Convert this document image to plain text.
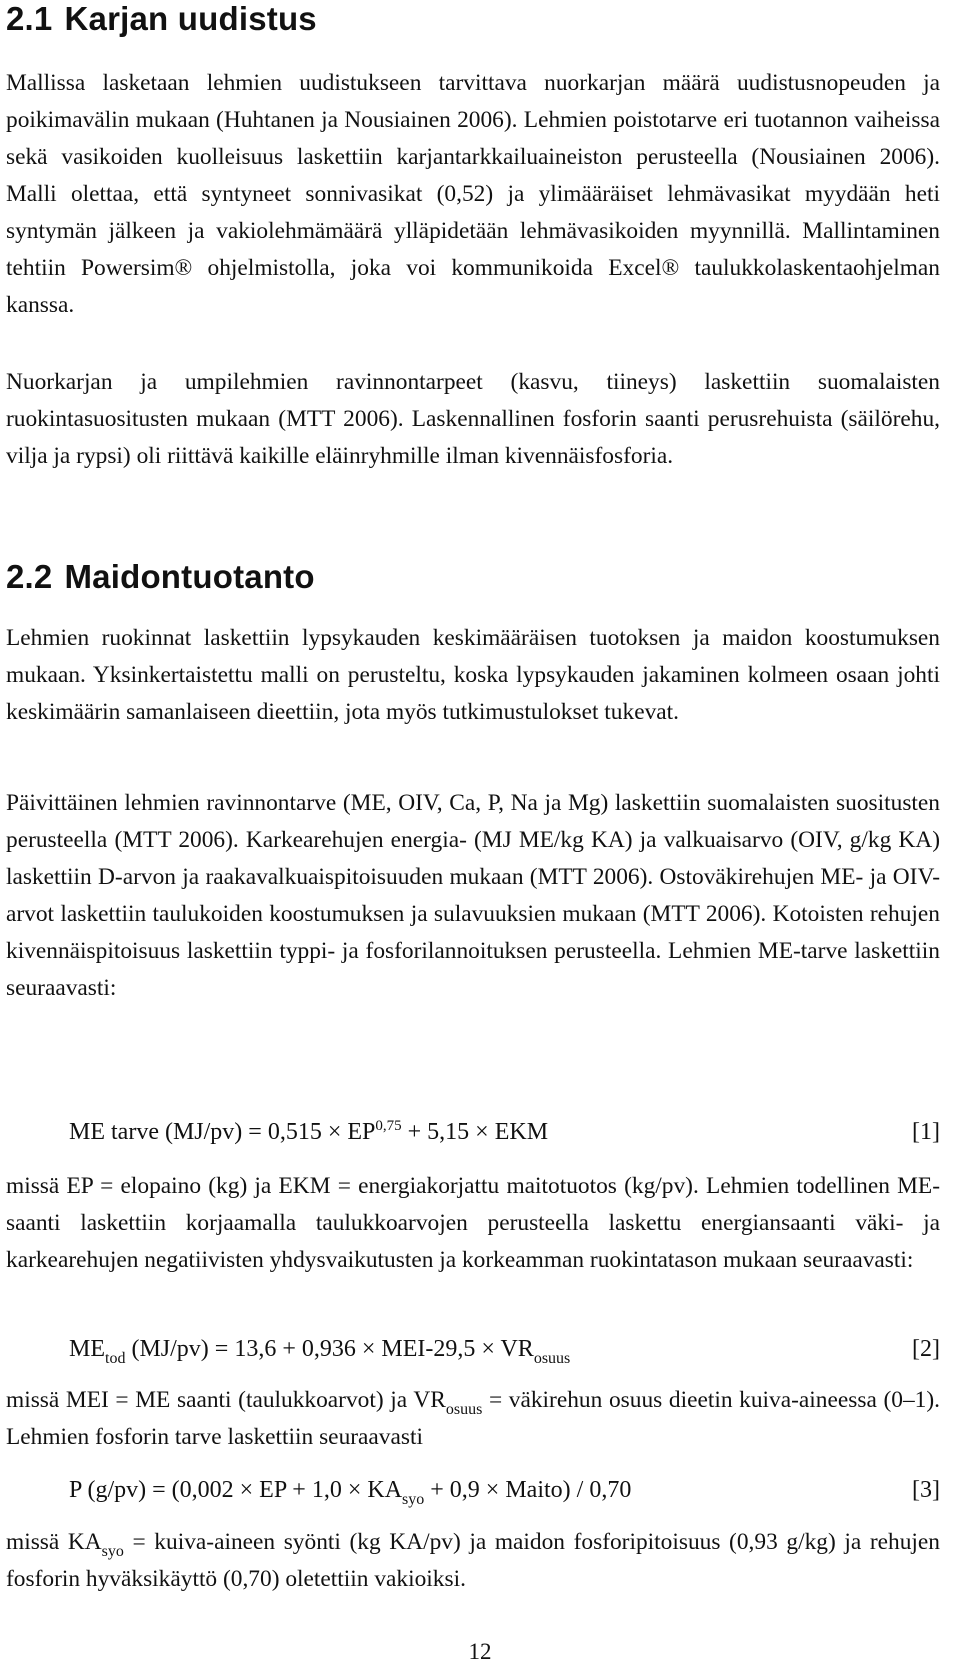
2.1 Karjan uudistus

Mallissa lasketaan lehmien uudistukseen tarvittava nuorkarjan määrä uudistusnopeuden ja poikimavälin mukaan (Huhtanen ja Nousiainen 2006). Lehmien poistotarve eri tuotannon vaiheissa sekä vasikoiden kuolleisuus laskettiin karjantarkkailuaineiston perusteella (Nousiainen 2006). Malli olettaa, että syntyneet sonnivasikat (0,52) ja ylimääräiset lehmävasikat myydään heti syntymän jälkeen ja vakiolehmämäärä ylläpidetään lehmävasikoiden myynnillä. Mallintaminen tehtiin Powersim® ohjelmistolla, joka voi kommunikoida Excel® taulukkolaskentaohjelman kanssa.

Nuorkarjan ja umpilehmien ravinnontarpeet (kasvu, tiineys) laskettiin suomalaisten ruokintasuositusten mukaan (MTT 2006). Laskennallinen fosforin saanti perusrehuista (säilörehu, vilja ja rypsi) oli riittävä kaikille eläinryhmille ilman kivennäisfosforia.

2.2 Maidontuotanto

Lehmien ruokinnat laskettiin lypsykauden keskimääräisen tuotoksen ja maidon koostumuksen mukaan. Yksinkertaistettu malli on perusteltu, koska lypsykauden jakaminen kolmeen osaan johti keskimäärin samanlaiseen dieettiin, jota myös tutkimustulokset tukevat.

Päivittäinen lehmien ravinnontarve (ME, OIV, Ca, P, Na ja Mg) laskettiin suomalaisten suositusten perusteella (MTT 2006). Karkearehujen energia- (MJ ME/kg KA) ja valkuaisarvo (OIV, g/kg KA) laskettiin D-arvon ja raakavalkuaispitoisuuden mukaan (MTT 2006). Ostoväkirehujen ME- ja OIV-arvot laskettiin taulukoiden koostumuksen ja sulavuuksien mukaan (MTT 2006). Kotoisten rehujen kivennäispitoisuus laskettiin typpi- ja fosforilannoituksen perusteella. Lehmien ME-tarve laskettiin seuraavasti:

ME tarve (MJ/pv) = 0,515 × EP$^{0,75}$ + 5,15 × EKM	[1]

missä EP = elopaino (kg) ja EKM = energiakorjattu maitotuotos (kg/pv). Lehmien todellinen ME-saanti laskettiin korjaamalla taulukkoarvojen perusteella laskettu energiansaanti väki- ja karkearehujen negatiivisten yhdysvaikutusten ja korkeamman ruokintatason mukaan seuraavasti:

$ME_{tod}$ $(MJ/pv) = 13,6 + 0,936 \times MEI-29,5 \times VR_{osuus}$	[2]

missä MEI = ME saanti (taulukkoarvot) ja $VR_{osuus}$ = väkirehun osuus dieetin kuiva-aineessa (0–1). Lehmien fosforin tarve laskettiin seuraavasti

P (g/pv) = (0,002 × EP + $1,0 \times KA_{syo} + 0,9$ × Maito) / 0,70	[3]

missä $KA_{syo}$ = kuiva-aineen syönti (kg KA/pv) ja maidon fosforipitoisuus (0,93 g/kg) ja rehujen fosforin hyväksikäyttö (0,70) oletettiin vakioiksi.

12
